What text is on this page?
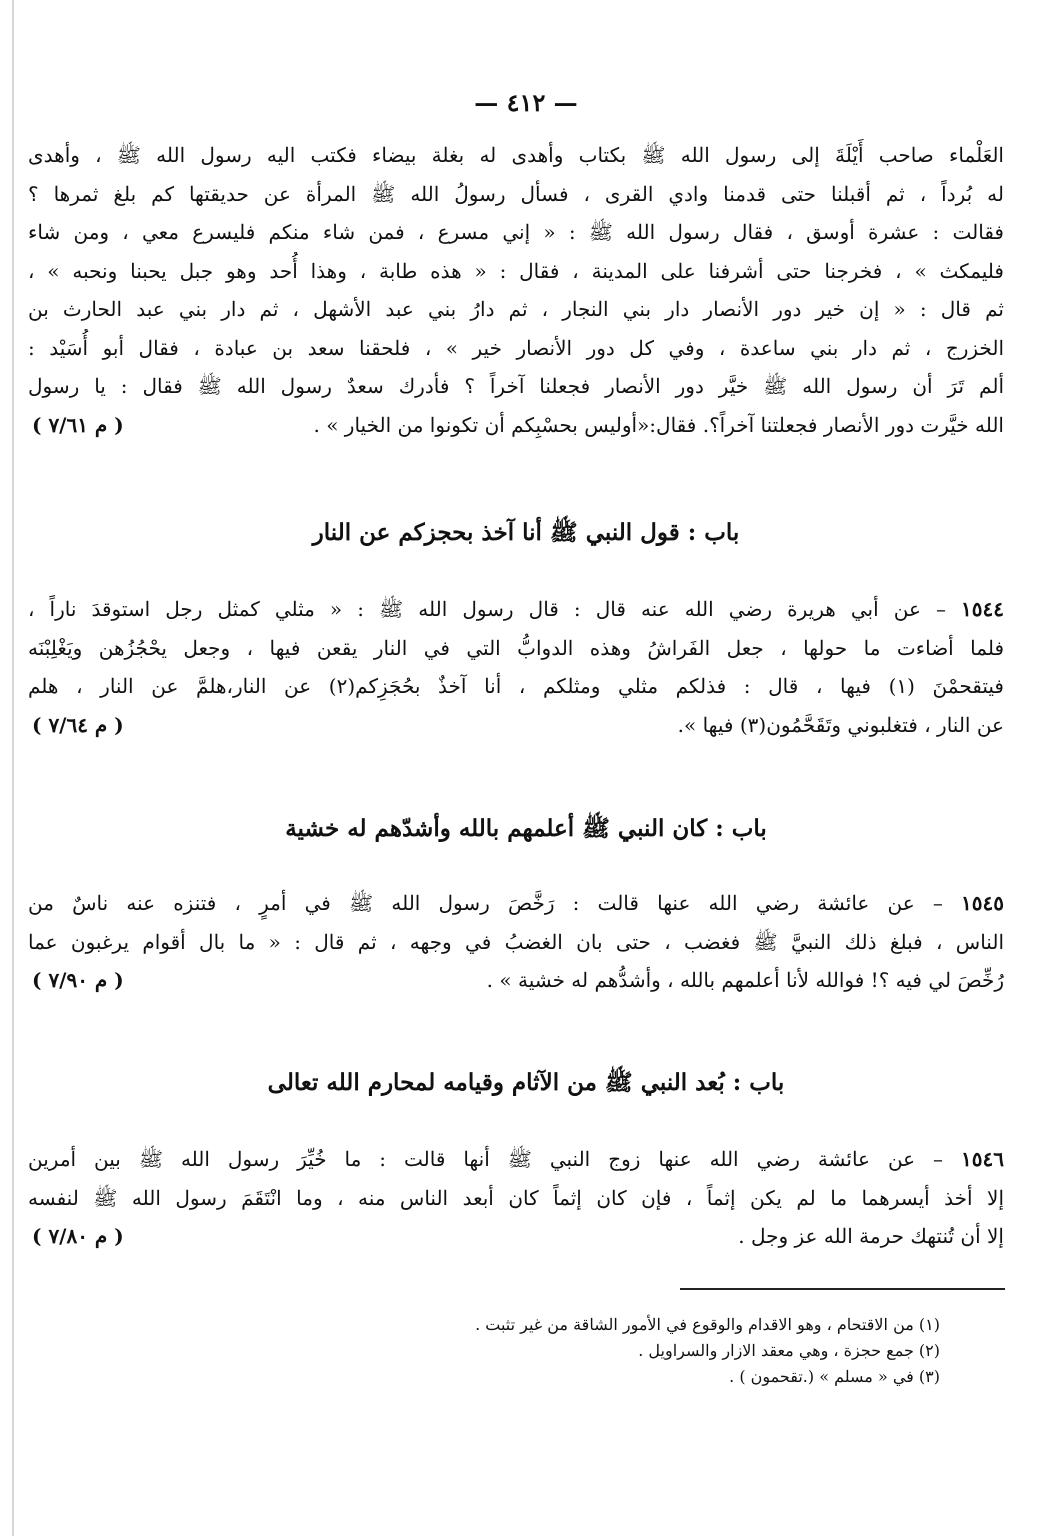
— ٤١٢ —
العَلْماء صاحب أَيْلَةَ إلى رسول الله ﷺ بكتاب وأهدى له بغلة بيضاء فكتب اليه رسول الله ﷺ ، وأهدى
له بُرداً ، ثم أقبلنا حتى قدمنا وادي القرى ، فسأل رسولُ الله ﷺ المرأة عن حديقتها كم بلغ ثمرها ؟
فقالت : عشرة أوسق ، فقال رسول الله ﷺ : « إني مسرع ، فمن شاء منكم فليسرع معي ، ومن شاء
فليمكث » ، فخرجنا حتى أشرفنا على المدينة ، فقال : « هذه طابة ، وهذا أُحد وهو جبل يحبنا ونحبه » ،
ثم قال : « إن خير دور الأنصار دار بني النجار ، ثم دارُ بني عبد الأشهل ، ثم دار بني عبد الحارث بن
الخزرج ، ثم دار بني ساعدة ، وفي كل دور الأنصار خير » ، فلحقنا سعد بن عبادة ، فقال أبو أُسَيْد :
ألم تَرَ أن رسول الله ﷺ خيَّر دور الأنصار فجعلنا آخراً ؟ فأدرك سعدٌ رسول الله ﷺ فقال : يا رسول
( م ٧/٦١ )	الله خيَّرت دور الأنصار فجعلتنا آخراً؟. فقال:«أوليس بحسْبِكم أن تكونوا من الخيار » .
باب : قول النبي ﷺ أنا آخذ بحجزكم عن النار
١٥٤٤ – عن أبي هريرة رضي الله عنه قال : قال رسول الله ﷺ : « مثلي كمثل رجل استوقدَ ناراً ،
فلما أضاءت ما حولها ، جعل الفَراشُ وهذه الدوابُّ التي في النار يقعن فيها ، وجعل يحْجُزُهن ويَغْلِبْنَه
فيتقحمْنَ (١) فيها ، قال : فذلكم مثلي ومثلكم ، أنا آخذٌ بحُجَزِكم(٢) عن النار،هلمَّ عن النار ، هلم
( م ٧/٦٤ )	عن النار ، فتغلبوني وتَقَحَّمُون(٣) فيها ».
باب : كان النبي ﷺ أعلمهم بالله وأشدّهم له خشية
١٥٤٥ – عن عائشة رضي الله عنها قالت : رَخَّصَ رسول الله ﷺ في أمرٍ ، فتنزه عنه ناسٌ من
الناس ، فبلغ ذلك النبيَّ ﷺ فغضب ، حتى بان الغضبُ في وجهه ، ثم قال : « ما بال أقوام يرغبون عما
( م ٧/٩٠ )	رُخِّصَ لي فيه ؟! فوالله لأنا أعلمهم بالله ، وأشدُّهم له خشية » .
باب : بُعد النبي ﷺ من الآثام وقيامه لمحارم الله تعالى
١٥٤٦ – عن عائشة رضي الله عنها زوج النبي ﷺ أنها قالت : ما خُيِّرَ رسول الله ﷺ بين أمرين
إلا أخذ أيسرهما ما لم يكن إثماً ، فإن كان إثماً كان أبعد الناس منه ، وما انْتَقَمَ رسول الله ﷺ لنفسه
( م ٧/٨٠ )	إلا أن تُنتهك حرمة الله عز وجل .
(١) من الاقتحام ، وهو الاقدام والوقوع في الأمور الشاقة من غير تثبت .
(٢) جمع حجزة ، وهي معقد الازار والسراويل .
(٣) في « مسلم » (.تقحمون ) .
